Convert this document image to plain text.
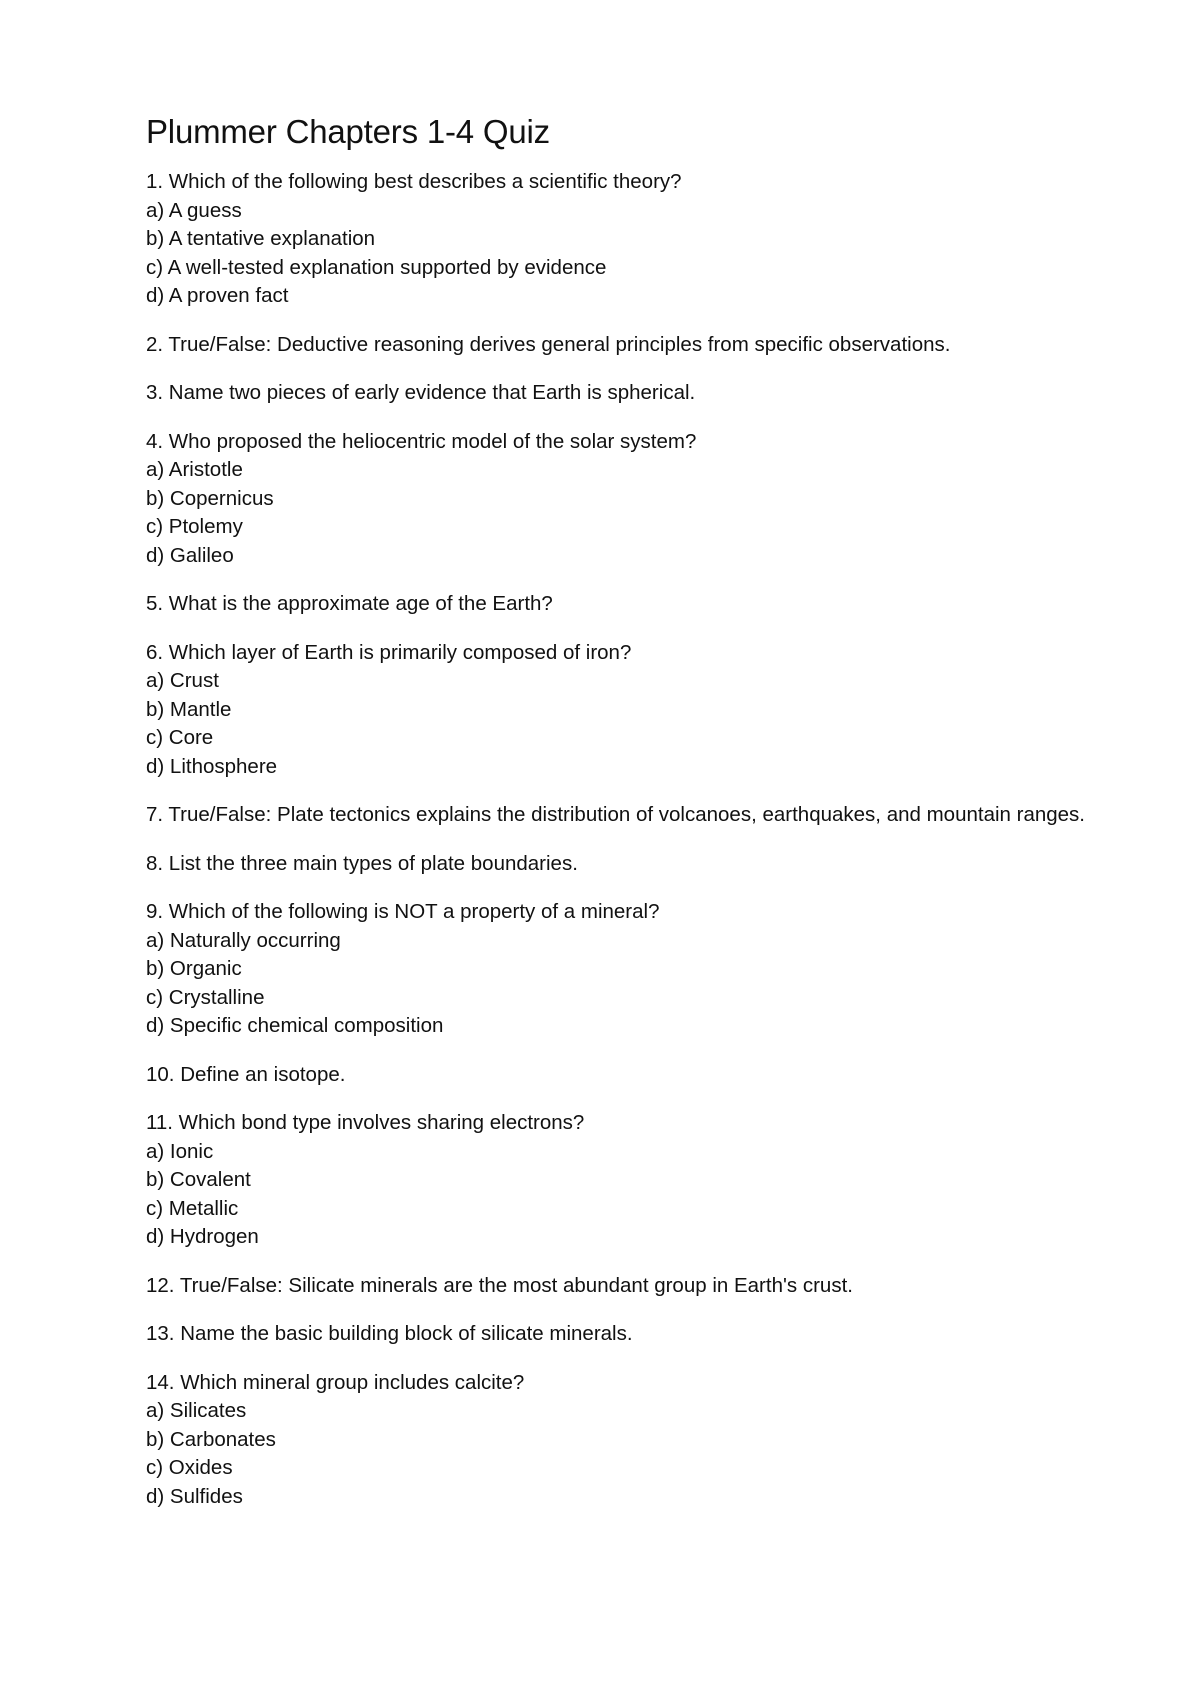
Plummer Chapters 1-4 Quiz
1. Which of the following best describes a scientific theory?
a) A guess
b) A tentative explanation
c) A well-tested explanation supported by evidence
d) A proven fact
2. True/False: Deductive reasoning derives general principles from specific observations.
3. Name two pieces of early evidence that Earth is spherical.
4. Who proposed the heliocentric model of the solar system?
a) Aristotle
b) Copernicus
c) Ptolemy
d) Galileo
5. What is the approximate age of the Earth?
6. Which layer of Earth is primarily composed of iron?
a) Crust
b) Mantle
c) Core
d) Lithosphere
7. True/False: Plate tectonics explains the distribution of volcanoes, earthquakes, and mountain ranges.
8. List the three main types of plate boundaries.
9. Which of the following is NOT a property of a mineral?
a) Naturally occurring
b) Organic
c) Crystalline
d) Specific chemical composition
10. Define an isotope.
11. Which bond type involves sharing electrons?
a) Ionic
b) Covalent
c) Metallic
d) Hydrogen
12. True/False: Silicate minerals are the most abundant group in Earth's crust.
13. Name the basic building block of silicate minerals.
14. Which mineral group includes calcite?
a) Silicates
b) Carbonates
c) Oxides
d) Sulfides
